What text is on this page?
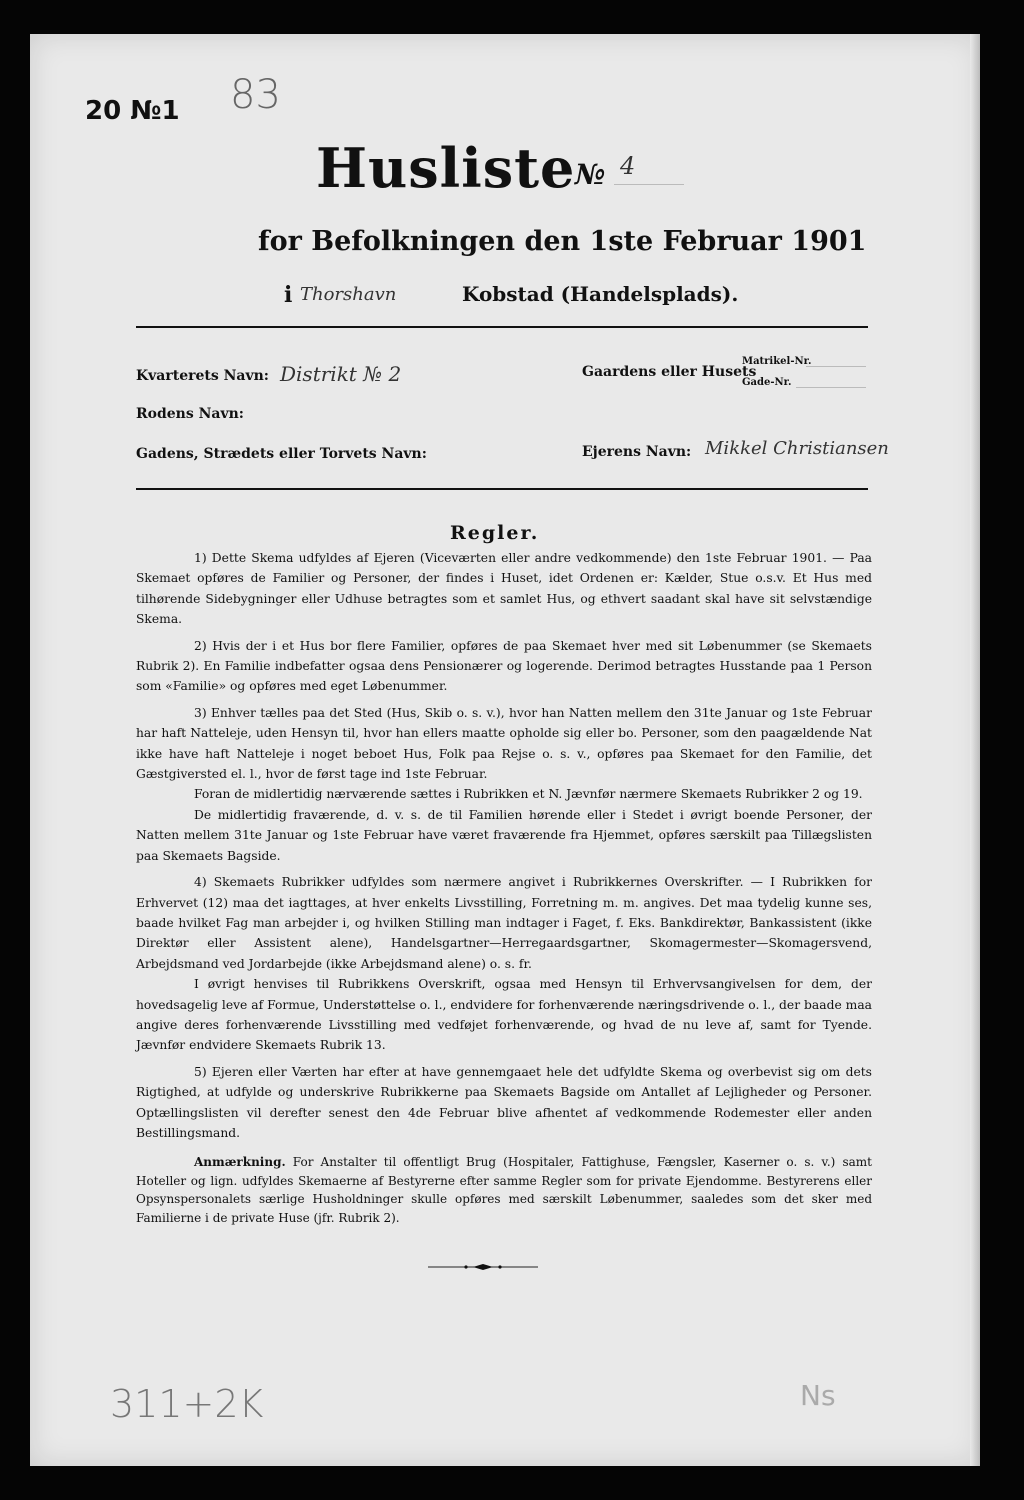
20 №1 83
Husliste № 4
for Befolkningen den 1ste Februar 1901
i Thorshavn	Kobstad (Handelsplads).
Kvarterets Navn: Distrikt № 2
Rodens Navn:
Gadens, Strædets eller Torvets Navn:
Gaardens eller Husets
Matrikel-Nr.
Gade-Nr.
Ejerens Navn: Mikkel Christiansen
Regler.

1) Dette Skema udfyldes af Ejeren (Viceværten eller andre vedkommende) den 1ste Februar 1901. — Paa Skemaet opføres de Familier og Personer, der findes i Huset, idet Ordenen er: Kælder, Stue o.s.v. Et Hus med tilhørende Sidebygninger eller Udhuse betragtes som et samlet Hus, og ethvert saadant skal have sit selvstændige Skema.

2) Hvis der i et Hus bor flere Familier, opføres de paa Skemaet hver med sit Løbenummer (se Skemaets Rubrik 2). En Familie indbefatter ogsaa dens Pensionærer og logerende. Derimod betragtes Husstande paa 1 Person som «Familie» og opføres med eget Løbenummer.

3) Enhver tælles paa det Sted (Hus, Skib o. s. v.), hvor han Natten mellem den 31te Januar og 1ste Februar har haft Natteleje, uden Hensyn til, hvor han ellers maatte opholde sig eller bo. Personer, som den paagældende Nat ikke have haft Natteleje i noget beboet Hus, Folk paa Rejse o. s. v., opføres paa Skemaet for den Familie, det Gæstgiversted el. l., hvor de først tage ind 1ste Februar.

Foran de midlertidig nærværende sættes i Rubrikken et N. Jævnfør nærmere Skemaets Rubrikker 2 og 19.

De midlertidig fraværende, d. v. s. de til Familien hørende eller i Stedet i øvrigt boende Personer, der Natten mellem 31te Januar og 1ste Februar have været fraværende fra Hjemmet, opføres særskilt paa Tillægslisten paa Skemaets Bagside.

4) Skemaets Rubrikker udfyldes som nærmere angivet i Rubrikkernes Overskrifter. — I Rubrikken for Erhvervet (12) maa det iagttages, at hver enkelts Livsstilling, Forretning m. m. angives. Det maa tydelig kunne ses, baade hvilket Fag man arbejder i, og hvilken Stilling man indtager i Faget, f. Eks. Bankdirektør, Bankassistent (ikke Direktør eller Assistent alene), Handelsgartner—Herregaardsgartner, Skomagermester—Skomagersvend, Arbejdsmand ved Jordarbejde (ikke Arbejdsmand alene) o. s. fr.

I øvrigt henvises til Rubrikkens Overskrift, ogsaa med Hensyn til Erhvervsangivelsen for dem, der hovedsagelig leve af Formue, Understøttelse o. l., endvidere for forhenværende næringsdrivende o. l., der baade maa angive deres forhenværende Livsstilling med vedføjet forhenværende, og hvad de nu leve af, samt for Tyende. Jævnfør endvidere Skemaets Rubrik 13.

5) Ejeren eller Værten har efter at have gennemgaaet hele det udfyldte Skema og overbevist sig om dets Rigtighed, at udfylde og underskrive Rubrikkerne paa Skemaets Bagside om Antallet af Lejligheder og Personer. Optællingslisten vil derefter senest den 4de Februar blive afhentet af vedkommende Rodemester eller anden Bestillingsmand.

Anmærkning. For Anstalter til offentligt Brug (Hospitaler, Fattighuse, Fængsler, Kaserner o. s. v.) samt Hoteller og lign. udfyldes Skemaerne af Bestyrerne efter samme Regler som for private Ejendomme. Bestyrerens eller Opsynspersonalets særlige Husholdninger skulle opføres med særskilt Løbenummer, saaledes som det sker med Familierne i de private Huse (jfr. Rubrik 2).

311+2K	Ns
